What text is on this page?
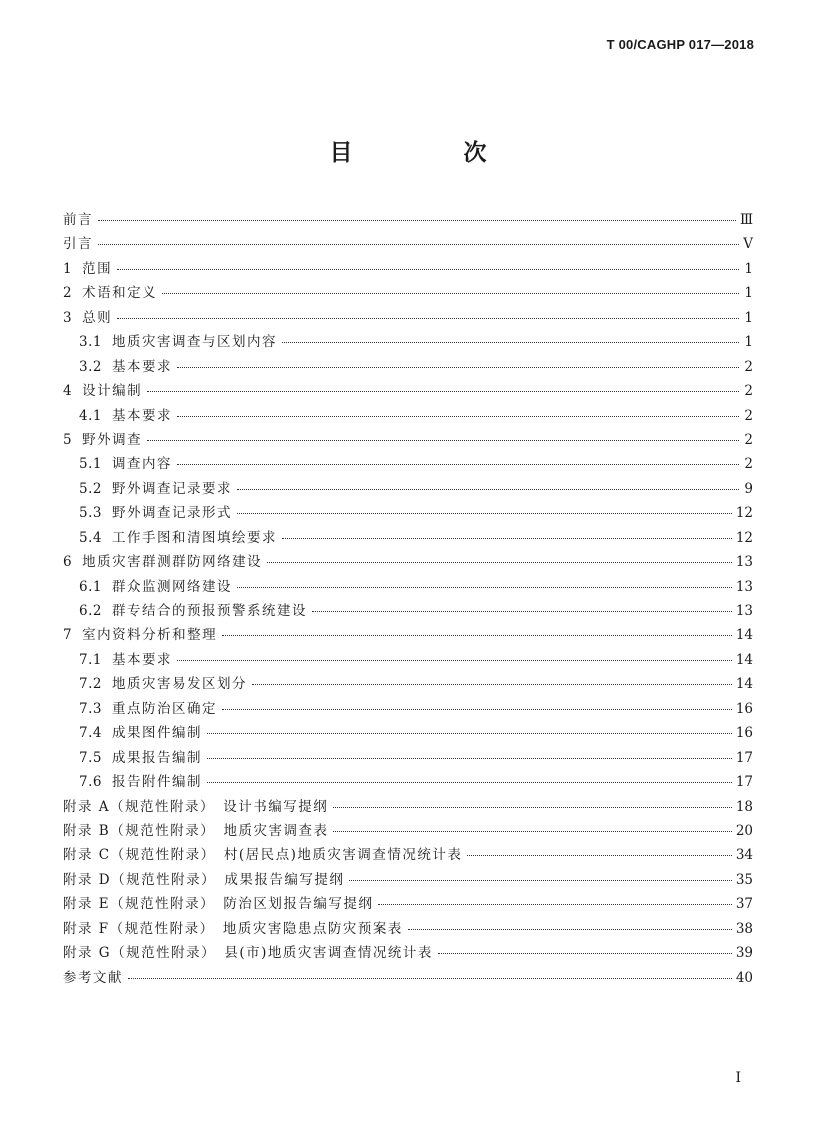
T 00/CAGHP 017—2018
目　次
前言	Ⅲ
引言	Ⅴ
1 范围	1
2 术语和定义	1
3 总则	1
3.1 地质灾害调查与区划内容	1
3.2 基本要求	2
4 设计编制	2
4.1 基本要求	2
5 野外调查	2
5.1 调查内容	2
5.2 野外调查记录要求	9
5.3 野外调查记录形式	12
5.4 工作手图和清图填绘要求	12
6 地质灾害群测群防网络建设	13
6.1 群众监测网络建设	13
6.2 群专结合的预报预警系统建设	13
7 室内资料分析和整理	14
7.1 基本要求	14
7.2 地质灾害易发区划分	14
7.3 重点防治区确定	16
7.4 成果图件编制	16
7.5 成果报告编制	17
7.6 报告附件编制	17
附录 A（规范性附录）　设计书编写提纲	18
附录 B（规范性附录）　地质灾害调查表	20
附录 C（规范性附录）　村(居民点)地质灾害调查情况统计表	34
附录 D（规范性附录）　成果报告编写提纲	35
附录 E（规范性附录）　防治区划报告编写提纲	37
附录 F（规范性附录）　地质灾害隐患点防灾预案表	38
附录 G（规范性附录）　县(市)地质灾害调查情况统计表	39
参考文献	40
Ⅰ
